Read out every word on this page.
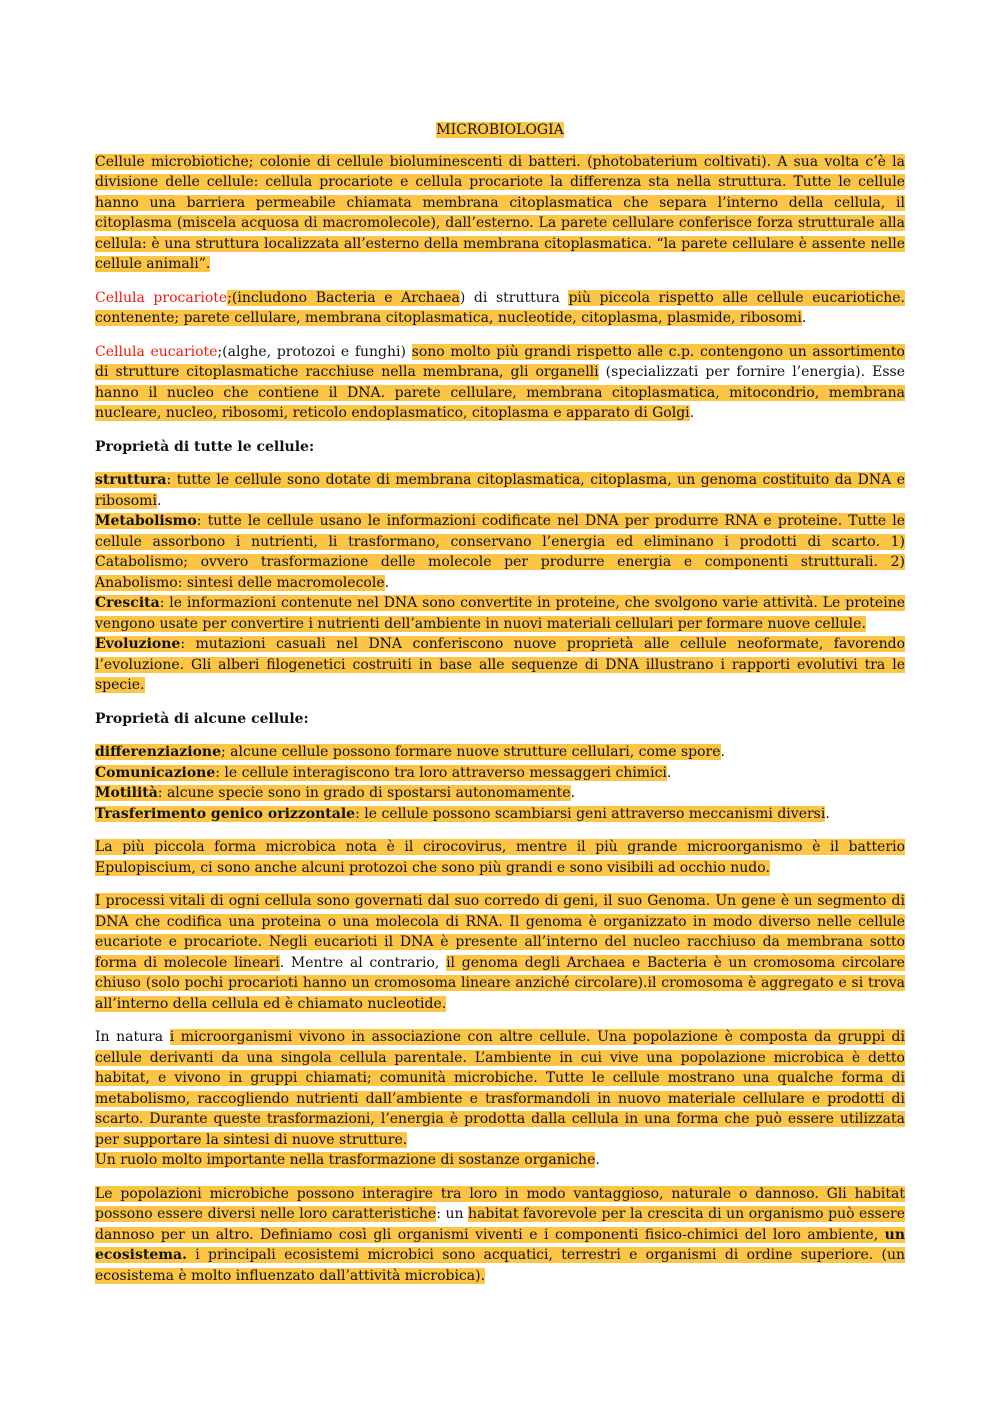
MICROBIOLOGIA

Cellule microbiotiche; colonie di cellule bioluminescenti di batteri. (photobaterium coltivati). A sua volta c’è la divisione delle cellule: cellula procariote e cellula procariote la differenza sta nella struttura. Tutte le cellule hanno una barriera permeabile chiamata membrana citoplasmatica che separa l’interno della cellula, il citoplasma (miscela acquosa di macromolecole), dall’esterno. La parete cellulare conferisce forza strutturale alla cellula: è una struttura localizzata all’esterno della membrana citoplasmatica. “la parete cellulare è assente nelle cellule animali”.

Cellula procariote;(includono Bacteria e Archaea) di struttura più piccola rispetto alle cellule eucariotiche. contenente; parete cellulare, membrana citoplasmatica, nucleotide, citoplasma, plasmide, ribosomi.

Cellula eucariote;(alghe, protozoi e funghi) sono molto più grandi rispetto alle c.p. contengono un assortimento di strutture citoplasmatiche racchiuse nella membrana, gli organelli (specializzati per fornire l’energia). Esse hanno il nucleo che contiene il DNA. parete cellulare, membrana citoplasmatica, mitocondrio, membrana nucleare, nucleo, ribosomi, reticolo endoplasmatico, citoplasma e apparato di Golgi.

Proprietà di tutte le cellule:
struttura: tutte le cellule sono dotate di membrana citoplasmatica, citoplasma, un genoma costituito da DNA e ribosomi.
Metabolismo: tutte le cellule usano le informazioni codificate nel DNA per produrre RNA e proteine. Tutte le cellule assorbono i nutrienti, li trasformano, conservano l’energia ed eliminano i prodotti di scarto. 1) Catabolismo; ovvero trasformazione delle molecole per produrre energia e componenti strutturali. 2) Anabolismo: sintesi delle macromolecole.
Crescita: le informazioni contenute nel DNA sono convertite in proteine, che svolgono varie attività. Le proteine vengono usate per convertire i nutrienti dell’ambiente in nuovi materiali cellulari per formare nuove cellule.
Evoluzione: mutazioni casuali nel DNA conferiscono nuove proprietà alle cellule neoformate, favorendo l’evoluzione. Gli alberi filogenetici costruiti in base alle sequenze di DNA illustrano i rapporti evolutivi tra le specie.
Proprietà di alcune cellule:
differenziazione; alcune cellule possono formare nuove strutture cellulari, come spore.
Comunicazione: le cellule interagiscono tra loro attraverso messaggeri chimici.
Motilità: alcune specie sono in grado di spostarsi autonomamente.
Trasferimento genico orizzontale: le cellule possono scambiarsi geni attraverso meccanismi diversi.

La più piccola forma microbica nota è il cirocovirus, mentre il più grande microorganismo è il batterio Epulopiscium, ci sono anche alcuni protozoi che sono più grandi e sono visibili ad occhio nudo.

I processi vitali di ogni cellula sono governati dal suo corredo di geni, il suo Genoma. Un gene è un segmento di DNA che codifica una proteina o una molecola di RNA. Il genoma è organizzato in modo diverso nelle cellule eucariote e procariote. Negli eucarioti il DNA è presente all’interno del nucleo racchiuso da membrana sotto forma di molecole lineari. Mentre al contrario, il genoma degli Archaea e Bacteria è un cromosoma circolare chiuso (solo pochi procarioti hanno un cromosoma lineare anziché circolare).il cromosoma è aggregato e si trova all’interno della cellula ed è chiamato nucleotide.

In natura i microorganismi vivono in associazione con altre cellule. Una popolazione è composta da gruppi di cellule derivanti da una singola cellula parentale. L’ambiente in cui vive una popolazione microbica è detto habitat, e vivono in gruppi chiamati; comunità microbiche. Tutte le cellule mostrano una qualche forma di metabolismo, raccogliendo nutrienti dall’ambiente e trasformandoli in nuovo materiale cellulare e prodotti di scarto. Durante queste trasformazioni, l’energia è prodotta dalla cellula in una forma che può essere utilizzata per supportare la sintesi di nuove strutture.
Un ruolo molto importante nella trasformazione di sostanze organiche.

Le popolazioni microbiche possono interagire tra loro in modo vantaggioso, naturale o dannoso. Gli habitat possono essere diversi nelle loro caratteristiche: un habitat favorevole per la crescita di un organismo può essere dannoso per un altro. Definiamo così gli organismi viventi e i componenti fisico-chimici del loro ambiente, un ecosistema. i principali ecosistemi microbici sono acquatici, terrestri e organismi di ordine superiore. (un ecosistema è molto influenzato dall’attività microbica).
